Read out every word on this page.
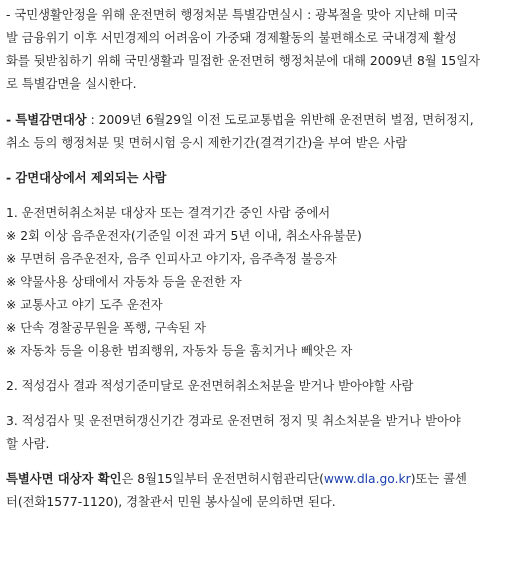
- 국민생활안정을 위해 운전면허 행정처분 특별감면실시 : 광복절을 맞아 지난해 미국
발 금융위기 이후 서민경제의 어려움이 가중돼 경제활동의 불편해소로 국내경제 활성
화를 뒷받침하기 위해 국민생활과 밀접한 운전면허 행정처분에 대해 2009년 8월 15일자
로 특별감면을 실시한다.
- 특별감면대상 : 2009년 6월29일 이전 도로교통법을 위반해 운전면허 벌점, 면허정지,
취소 등의 행정처분 및 면허시험 응시 제한기간(결격기간)을 부여 받은 사람
- 감면대상에서 제외되는 사람
1. 운전면허취소처분 대상자 또는 결격기간 중인 사람 중에서
※ 2회 이상 음주운전자(기준일 이전 과거 5년 이내, 취소사유불문)
※ 무면허 음주운전자, 음주 인피사고 야기자, 음주측정 불응자
※ 약물사용 상태에서 자동차 등을 운전한 자
※ 교통사고 야기 도주 운전자
※ 단속 경찰공무원을 폭행, 구속된 자
※ 자동차 등을 이용한 범죄행위, 자동차 등을 훔치거나 빼앗은 자
2. 적성검사 결과 적성기준미달로 운전면허취소처분을 받거나 받아야할 사람
3. 적성검사 및 운전면허갱신기간 경과로 운전면허 정지 및 취소처분을 받거나 받아야
할 사람.
특별사면 대상자 확인은 8월15일부터 운전면허시험관리단(www.dla.go.kr)또는 콜센
터(전화1577-1120), 경찰관서 민원 봉사실에 문의하면 된다.
